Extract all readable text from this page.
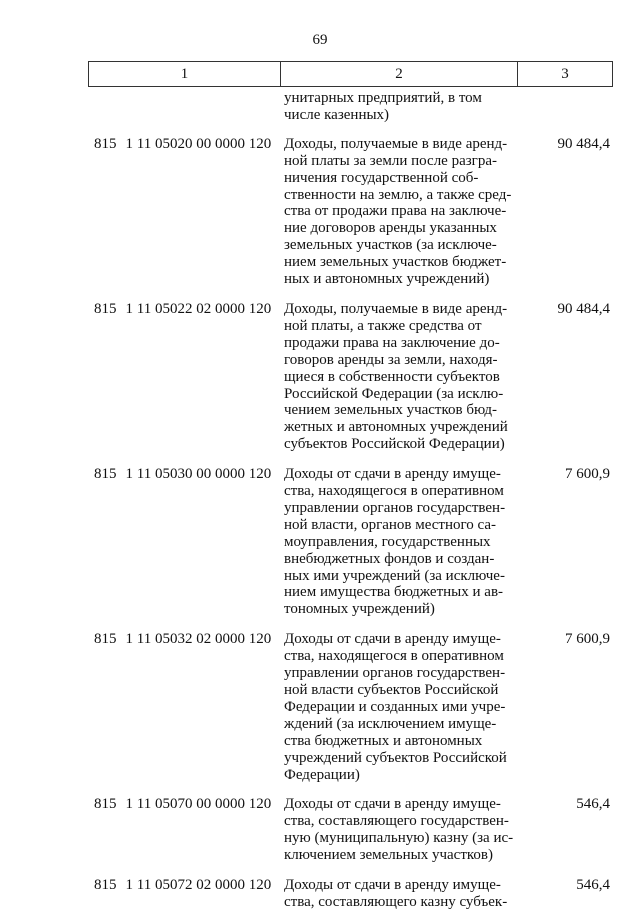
69
1	2	3
унитарных предприятий, в том
числе казенных)
815 1 11 05020 00 0000 120 Доходы, получаемые в виде аренд-
ной платы за земли после разгра-
ничения государственной соб-
ственности на землю, а также сред-
ства от продажи права на заключе-
ние договоров аренды указанных
земельных участков (за исключе-
нием земельных участков бюджет-
ных и автономных учреждений)
90 484,4
815 1 11 05022 02 0000 120 Доходы, получаемые в виде аренд-
ной платы, а также средства от
продажи права на заключение до-
говоров аренды за земли, находя-
щиеся в собственности субъектов
Российской Федерации (за исклю-
чением земельных участков бюд-
жетных и автономных учреждений
субъектов Российской Федерации)
90 484,4
815 1 11 05030 00 0000 120 Доходы от сдачи в аренду имуще-
ства, находящегося в оперативном
управлении органов государствен-
ной власти, органов местного са-
моуправления, государственных
внебюджетных фондов и создан-
ных ими учреждений (за исключе-
нием имущества бюджетных и ав-
тономных учреждений)
7 600,9
815 1 11 05032 02 0000 120 Доходы от сдачи в аренду имуще-
ства, находящегося в оперативном
управлении органов государствен-
ной власти субъектов Российской
Федерации и созданных ими учре-
ждений (за исключением имуще-
ства бюджетных и автономных
учреждений субъектов Российской
Федерации)
7 600,9
815 1 11 05070 00 0000 120 Доходы от сдачи в аренду имуще-
ства, составляющего государствен-
ную (муниципальную) казну (за ис-
ключением земельных участков)
546,4
815 1 11 05072 02 0000 120 Доходы от сдачи в аренду имуще-
ства, составляющего казну субъек-
546,4
